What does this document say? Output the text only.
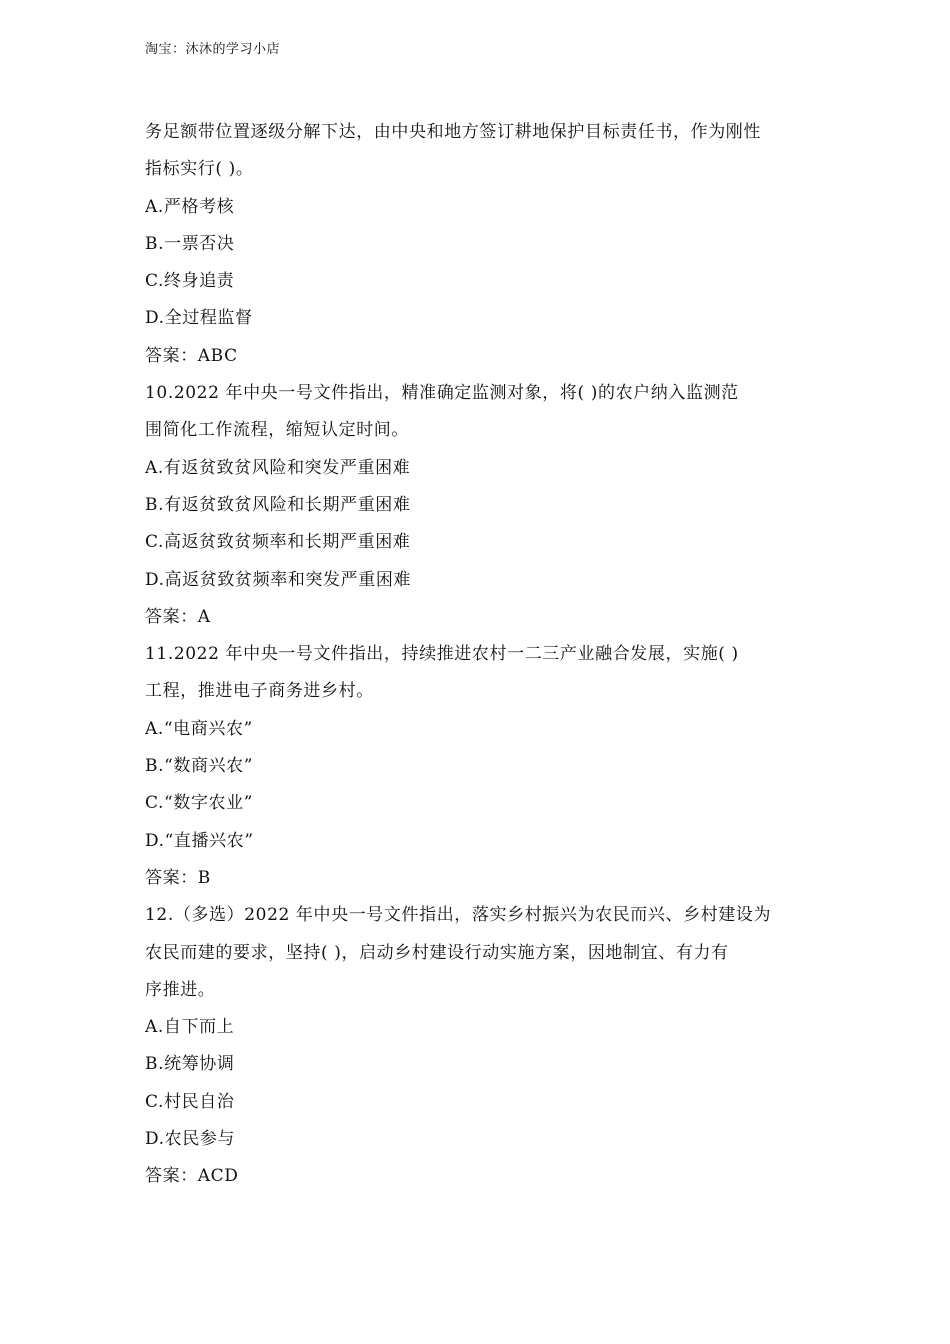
淘宝：沐沐的学习小店
务足额带位置逐级分解下达，由中央和地方签订耕地保护目标责任书，作为刚性
指标实行( )。
A.严格考核
B.一票否决
C.终身追责
D.全过程监督
答案：ABC
10.2022 年中央一号文件指出，精准确定监测对象，将( )的农户纳入监测范
围简化工作流程，缩短认定时间。
A.有返贫致贫风险和突发严重困难
B.有返贫致贫风险和长期严重困难
C.高返贫致贫频率和长期严重困难
D.高返贫致贫频率和突发严重困难
答案：A
11.2022 年中央一号文件指出，持续推进农村一二三产业融合发展，实施( )
工程，推进电子商务进乡村。
A.“电商兴农”
B.“数商兴农”
C.“数字农业”
D.“直播兴农”
答案：B
12.（多选）2022 年中央一号文件指出，落实乡村振兴为农民而兴、乡村建设为
农民而建的要求，坚持( )，启动乡村建设行动实施方案，因地制宜、有力有
序推进。
A.自下而上
B.统筹协调
C.村民自治
D.农民参与
答案：ACD
